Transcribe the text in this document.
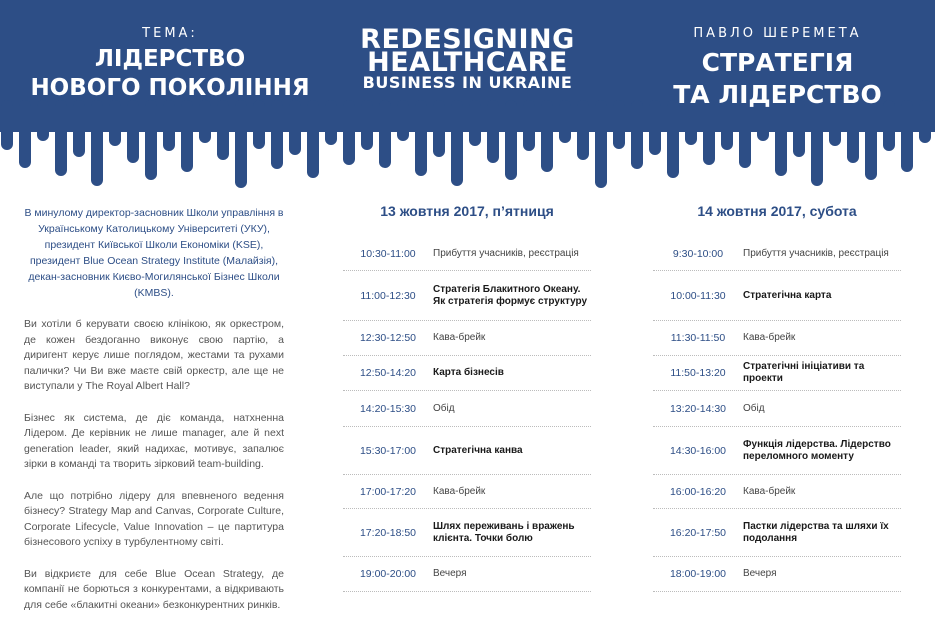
ТЕМА:
ЛІДЕРСТВО
НОВОГО ПОКОЛІННЯ
REDESIGNING
HEALTHCARE
BUSINESS IN UKRAINE
ПАВЛО ШЕРЕМЕТА
СТРАТЕГІЯ
ТА ЛІДЕРСТВО

В минулому директор-засновник Школи управління в Українському Католицькому Університеті (УКУ), президент Київської Школи Економіки (KSE), президент Blue Ocean Strategy Institute (Малайзія), декан-засновник Києво-Могилянської Бізнес Школи (KMBS).

Ви хотіли б керувати своєю клінікою, як оркестром, де кожен бездоганно виконує свою партію, а диригент керує лише поглядом, жестами та рухами палички? Чи Ви вже маєте свій оркестр, але ще не виступали у The Royal Albert Hall?

Бізнес як система, де діє команда, натхненна Лідером. Де керівник не лише manager, але й next generation leader, який надихає, мотивує, запалює зірки в команді та творить зірковий team-building.

Але що потрібно лідеру для впевненого ведення бізнесу? Strategy Map and Canvas, Corporate Culture, Corporate Lifecycle, Value Innovation – це партитура бізнесового успіху в турбулентному світі.

Ви відкриєте для себе Blue Ocean Strategy, де компанії не борються з конкурентами, а відкривають для себе «блакитні океани» безконкурентних ринків.

13 жовтня 2017, п’ятниця
10:30-11:00	Прибуття учасників, реєстрація
11:00-12:30
Стратегія Блакитного Океану. Як стратегія формує структуру
12:30-12:50	Кава-брейк
12:50-14:20	Карта бізнесів
14:20-15:30	Обід
15:30-17:00	Стратегічна канва
17:00-17:20	Кава-брейк
17:20-18:50
Шлях переживань і вражень клієнта. Точки болю
19:00-20:00	Вечеря
14 жовтня 2017, субота
9:30-10:00	Прибуття учасників, реєстрація
10:00-11:30	Стратегічна карта
11:30-11:50	Кава-брейк
11:50-13:20
Стратегічні ініціативи та проекти
13:20-14:30	Обід
14:30-16:00
Функція лідерства. Лідерство переломного моменту
16:00-16:20	Кава-брейк
16:20-17:50
Пастки лідерства та шляхи їх подолання
18:00-19:00	Вечеря
